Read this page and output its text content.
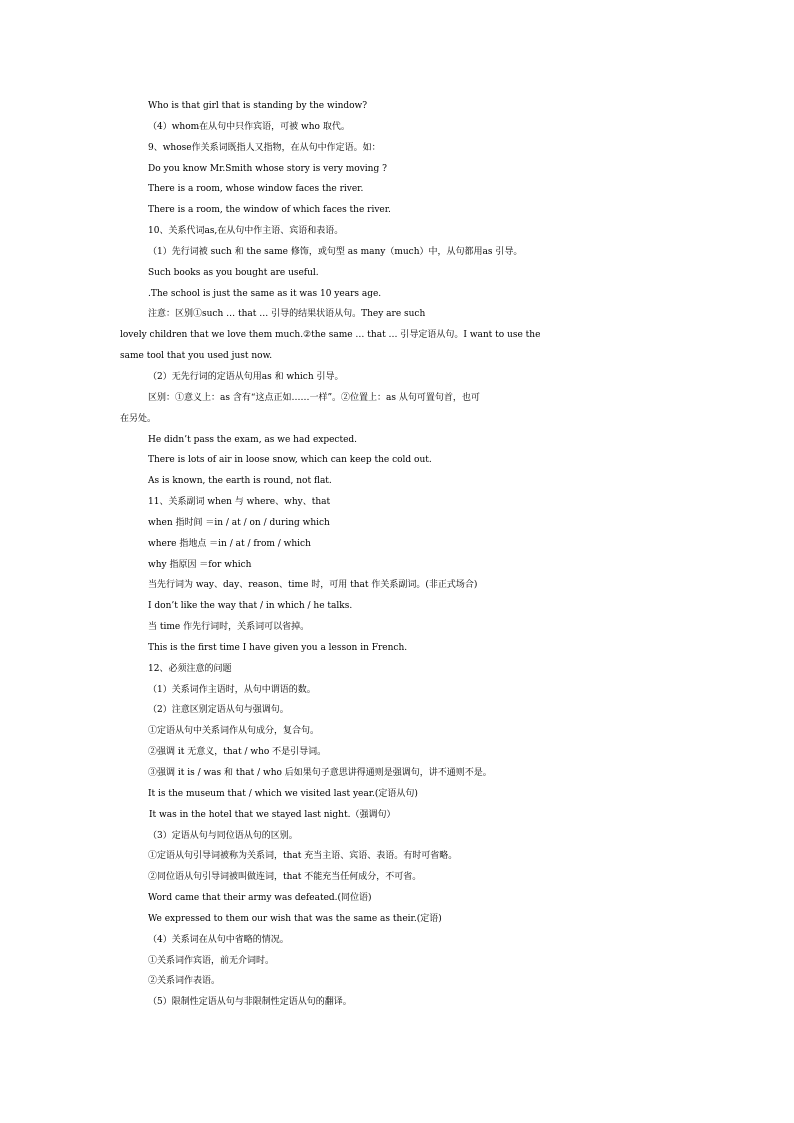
Who is that girl that is standing by the window?
（4）whom在从句中只作宾语，可被 who 取代。
9、whose作关系词既指人又指物，在从句中作定语。如：
Do you know Mr.Smith whose story is very moving ?
There is a room, whose window faces the river.
There is a room, the window of which faces the river.
10、关系代词as,在从句中作主语、宾语和表语。
（1）先行词被 such 和 the same 修饰，或句型 as many（much）中，从句都用as 引导。
Such books as you bought are useful.
.The school is just the same as it was 10 years age.
注意：区别①such … that … 引导的结果状语从句。They are such
lovely children that we love them much.②the same … that … 引导定语从句。I want to use the
same tool that you used just now.
（2）无先行词的定语从句用as 和 which 引导。
区别：①意义上：as 含有“这点正如……一样”。②位置上：as 从句可置句首，也可
在另处。
He didn’t pass the exam, as we had expected.
There is lots of air in loose snow, which can keep the cold out.
As is known, the earth is round, not flat.
11、关系副词 when 与 where、why、that
when 指时间 ＝in / at / on / during which
where 指地点 ＝in / at / from / which
why 指原因 ＝for which
当先行词为 way、day、reason、time 时，可用 that 作关系副词。(非正式场合)
I don’t like the way that / in which / he talks.
当 time 作先行词时，关系词可以省掉。
This is the first time I have given you a lesson in French.
12、必须注意的问题
（1）关系词作主语时，从句中谓语的数。
（2）注意区别定语从句与强调句。
①定语从句中关系词作从句成分，复合句。
②强调 it 无意义，that / who 不是引导词。
③强调 it is / was 和 that / who 后如果句子意思讲得通则是强调句，讲不通则不是。
It is the museum that / which we visited last year.(定语从句)
It was in the hotel that we stayed last night.（强调句）
（3）定语从句与同位语从句的区别。
①定语从句引导词被称为关系词，that 充当主语、宾语、表语。有时可省略。
②同位语从句引导词被叫做连词，that 不能充当任何成分，不可省。
Word came that their army was defeated.(同位语)
We expressed to them our wish that was the same as their.(定语)
（4）关系词在从句中省略的情况。
①关系词作宾语，前无介词时。
②关系词作表语。
（5）限制性定语从句与非限制性定语从句的翻译。
